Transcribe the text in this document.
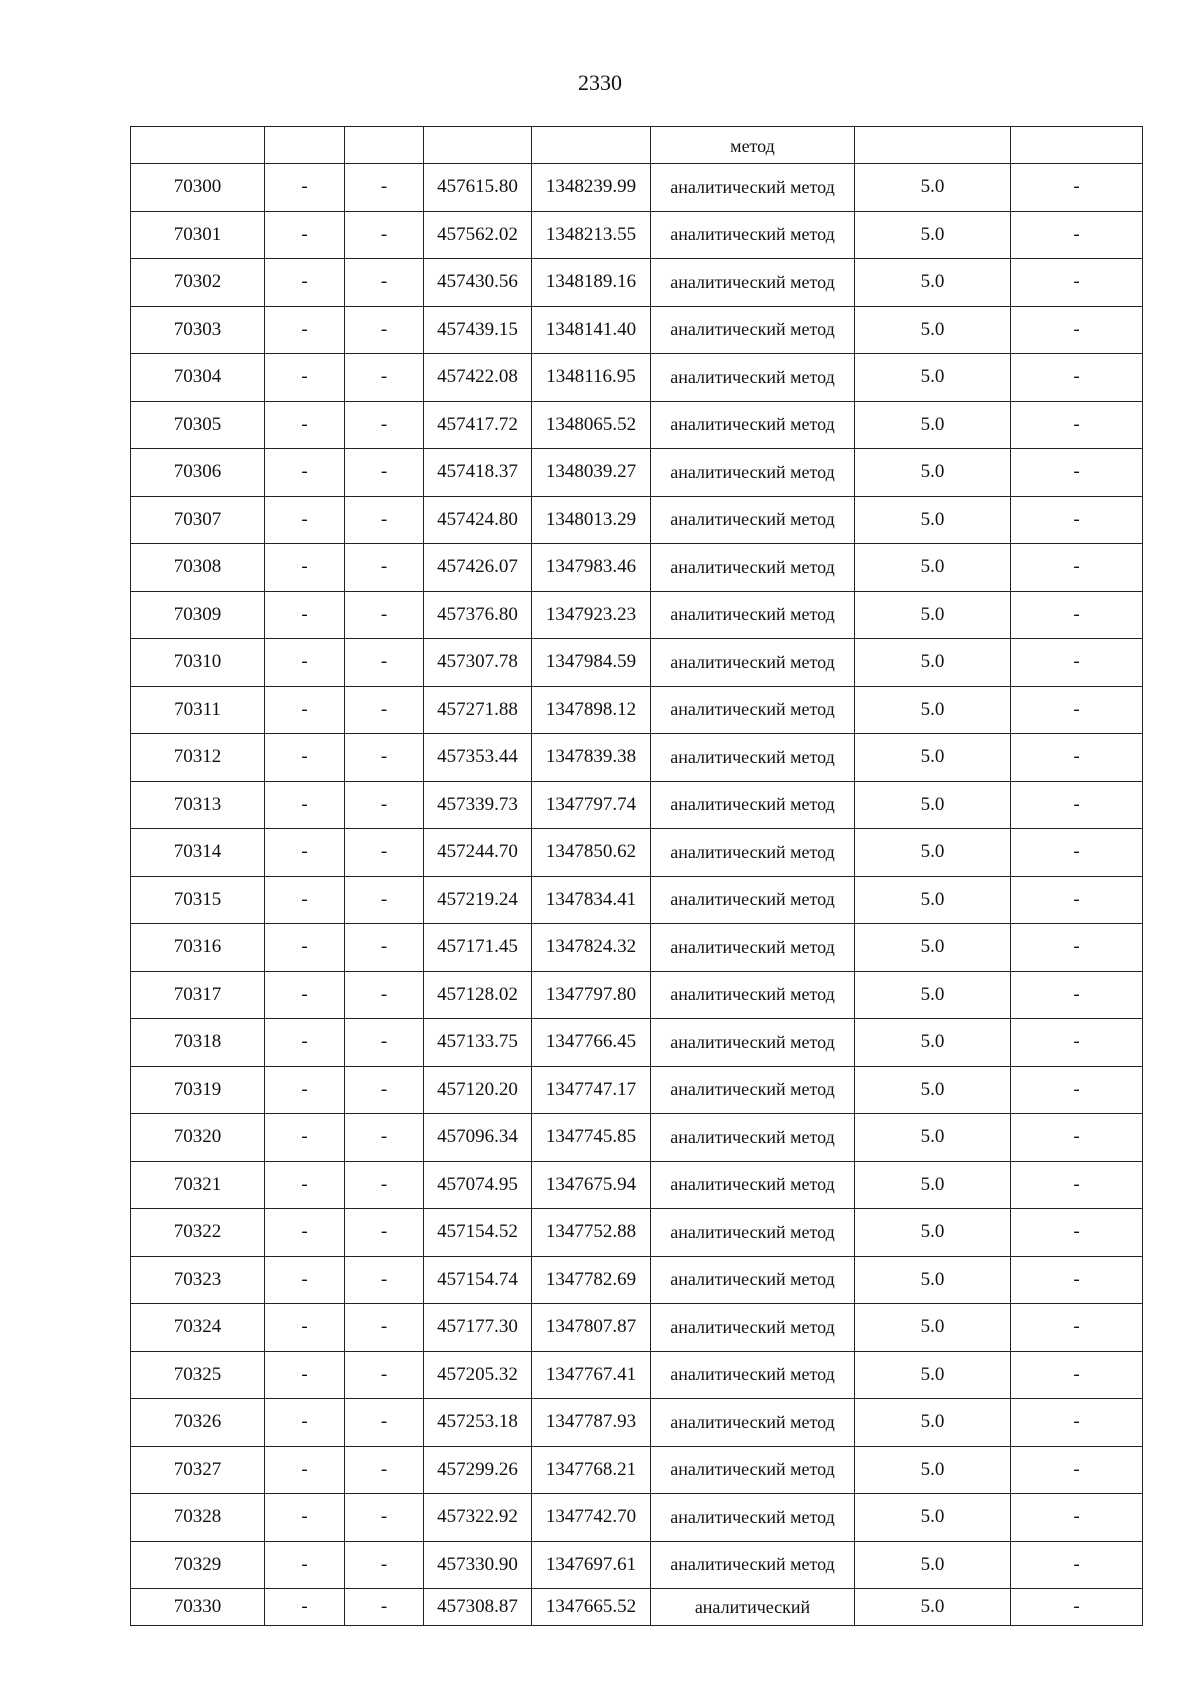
2330

					метод		

70300	-	-	457615.80	1348239.99	аналитический метод	5.0	-
70301	-	-	457562.02	1348213.55	аналитический метод	5.0	-
70302	-	-	457430.56	1348189.16	аналитический метод	5.0	-
70303	-	-	457439.15	1348141.40	аналитический метод	5.0	-
70304	-	-	457422.08	1348116.95	аналитический метод	5.0	-
70305	-	-	457417.72	1348065.52	аналитический метод	5.0	-
70306	-	-	457418.37	1348039.27	аналитический метод	5.0	-
70307	-	-	457424.80	1348013.29	аналитический метод	5.0	-
70308	-	-	457426.07	1347983.46	аналитический метод	5.0	-
70309	-	-	457376.80	1347923.23	аналитический метод	5.0	-
70310	-	-	457307.78	1347984.59	аналитический метод	5.0	-
70311	-	-	457271.88	1347898.12	аналитический метод	5.0	-
70312	-	-	457353.44	1347839.38	аналитический метод	5.0	-
70313	-	-	457339.73	1347797.74	аналитический метод	5.0	-
70314	-	-	457244.70	1347850.62	аналитический метод	5.0	-
70315	-	-	457219.24	1347834.41	аналитический метод	5.0	-
70316	-	-	457171.45	1347824.32	аналитический метод	5.0	-
70317	-	-	457128.02	1347797.80	аналитический метод	5.0	-
70318	-	-	457133.75	1347766.45	аналитический метод	5.0	-
70319	-	-	457120.20	1347747.17	аналитический метод	5.0	-
70320	-	-	457096.34	1347745.85	аналитический метод	5.0	-
70321	-	-	457074.95	1347675.94	аналитический метод	5.0	-
70322	-	-	457154.52	1347752.88	аналитический метод	5.0	-
70323	-	-	457154.74	1347782.69	аналитический метод	5.0	-
70324	-	-	457177.30	1347807.87	аналитический метод	5.0	-
70325	-	-	457205.32	1347767.41	аналитический метод	5.0	-
70326	-	-	457253.18	1347787.93	аналитический метод	5.0	-
70327	-	-	457299.26	1347768.21	аналитический метод	5.0	-
70328	-	-	457322.92	1347742.70	аналитический метод	5.0	-
70329	-	-	457330.90	1347697.61	аналитический метод	5.0	-
70330	-	-	457308.87	1347665.52	аналитический	5.0	-
